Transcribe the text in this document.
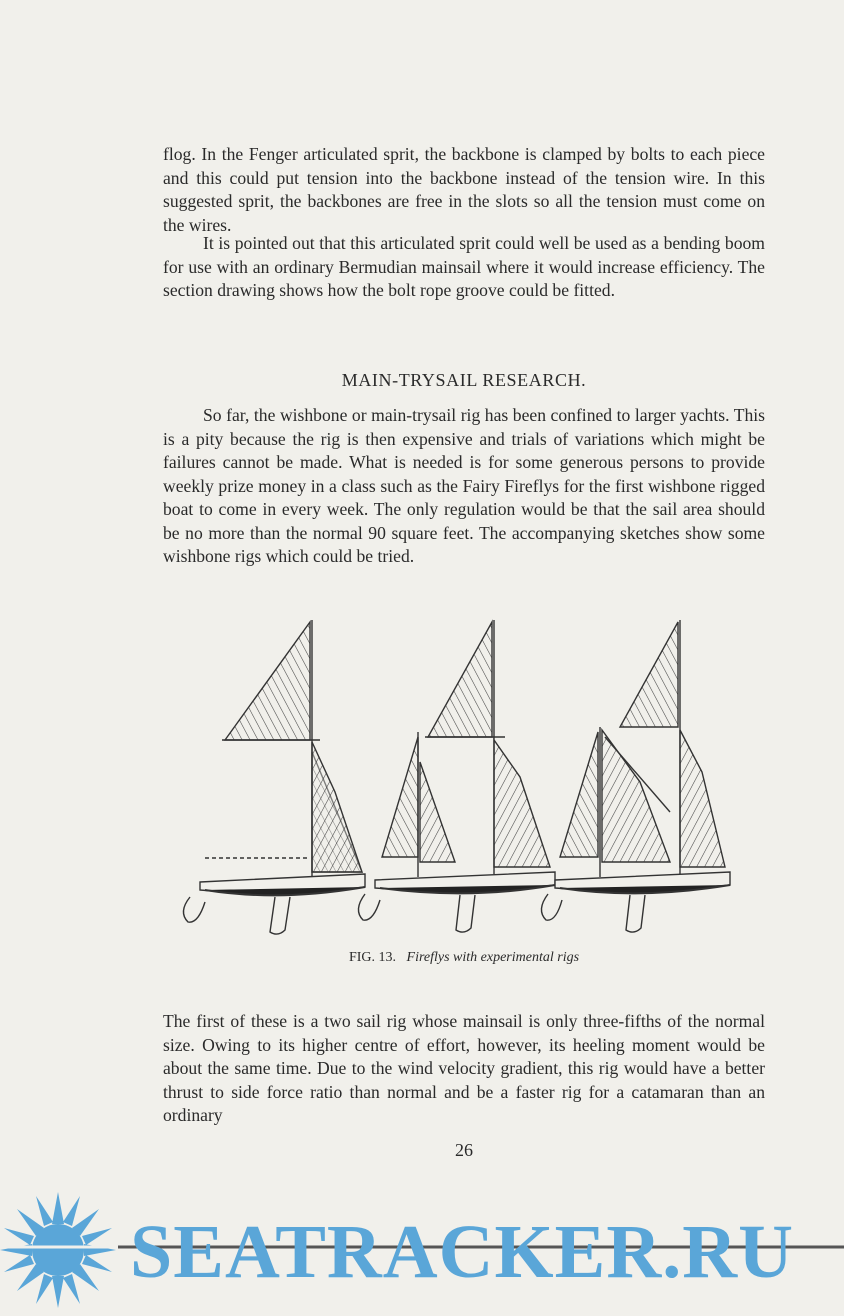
flog. In the Fenger articulated sprit, the backbone is clamped by bolts to each piece and this could put tension into the backbone instead of the tension wire. In this suggested sprit, the backbones are free in the slots so all the tension must come on the wires.

It is pointed out that this articulated sprit could well be used as a bending boom for use with an ordinary Bermudian mainsail where it would increase efficiency. The section drawing shows how the bolt rope groove could be fitted.

MAIN-TRYSAIL RESEARCH.

So far, the wishbone or main-trysail rig has been confined to larger yachts. This is a pity because the rig is then expensive and trials of variations which might be failures cannot be made. What is needed is for some generous persons to provide weekly prize money in a class such as the Fairy Fireflys for the first wishbone rigged boat to come in every week. The only regulation would be that the sail area should be no more than the normal 90 square feet. The accompanying sketches show some wishbone rigs which could be tried.

FIG. 13. Fireflys with experimental rigs

The first of these is a two sail rig whose mainsail is only three-fifths of the normal size. Owing to its higher centre of effort, however, its heeling moment would be about the same time. Due to the wind velocity gradient, this rig would have a better thrust to side force ratio than normal and be a faster rig for a catamaran than an ordinary

26

SEATRACKER.RU
